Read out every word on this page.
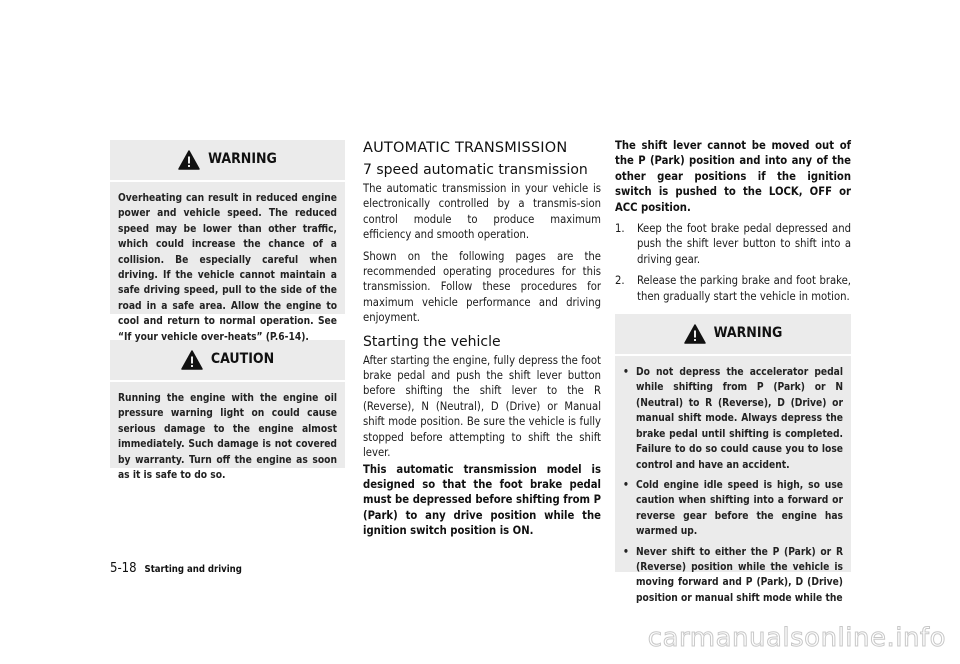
WARNING
Overheating can result in reduced engine power and vehicle speed. The reduced speed may be lower than other traffic, which could increase the chance of a collision. Be especially careful when driving. If the vehicle cannot maintain a safe driving speed, pull to the side of the road in a safe area. Allow the engine to cool and return to normal operation. See “If your vehicle over-heats” (P.6-14).
CAUTION
Running the engine with the engine oil pressure warning light on could cause serious damage to the engine almost immediately. Such damage is not covered by warranty. Turn off the engine as soon as it is safe to do so.
AUTOMATIC TRANSMISSION
7 speed automatic transmission

The automatic transmission in your vehicle is electronically controlled by a transmis-sion control module to produce maximum efficiency and smooth operation.

Shown on the following pages are the recommended operating procedures for this transmission. Follow these procedures for maximum vehicle performance and driving enjoyment.

Starting the vehicle

After starting the engine, fully depress the foot brake pedal and push the shift lever button before shifting the shift lever to the R (Reverse), N (Neutral), D (Drive) or Manual shift mode position. Be sure the vehicle is fully stopped before attempting to shift the shift lever.

This automatic transmission model is designed so that the foot brake pedal must be depressed before shifting from P (Park) to any drive position while the ignition switch position is ON.

The shift lever cannot be moved out of the P (Park) position and into any of the other gear positions if the ignition switch is pushed to the LOCK, OFF or ACC position.

1.	Keep the foot brake pedal depressed and push the shift lever button to shift into a driving gear.
2.	Release the parking brake and foot brake, then gradually start the vehicle in motion.
WARNING
• Do not depress the accelerator pedal while shifting from P (Park) or N (Neutral) to R (Reverse), D (Drive) or manual shift mode. Always depress the brake pedal until shifting is completed. Failure to do so could cause you to lose control and have an accident.
• Cold engine idle speed is high, so use caution when shifting into a forward or reverse gear before the engine has warmed up.
• Never shift to either the P (Park) or R (Reverse) position while the vehicle is moving forward and P (Park), D (Drive) position or manual shift mode while the
5-18 Starting and driving
carmanualsonline.info
